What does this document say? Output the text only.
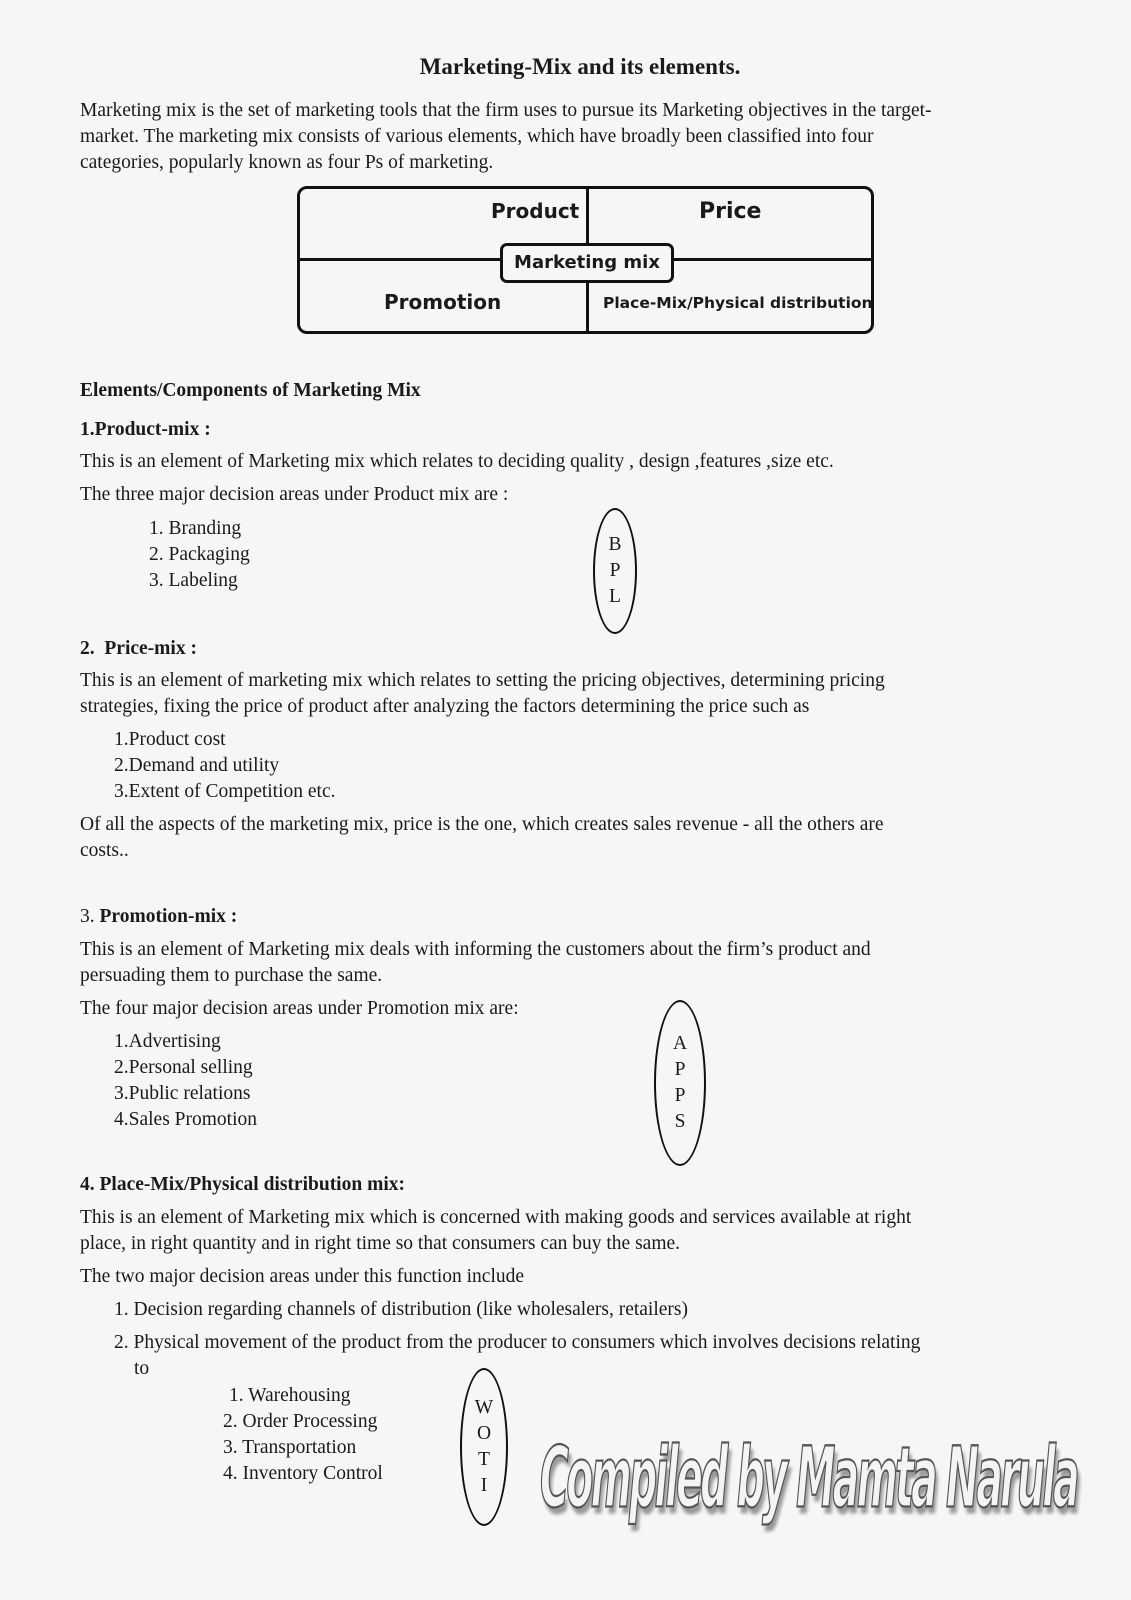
Marketing-Mix and its elements.

Marketing mix is the set of marketing tools that the firm uses to pursue its Marketing objectives in the target-

market. The marketing mix consists of various elements, which have broadly been classified into four

categories, popularly known as four Ps of marketing.

Product	Price
Marketing mix
Promotion	Place-Mix/Physical distribution

Elements/Components of Marketing Mix

1.Product-mix :

This is an element of Marketing mix which relates to deciding quality , design ,features ,size etc.

The three major decision areas under Product mix are :

1. Branding

2. Packaging

3. Labeling

B
P
L

2. Price-mix :

This is an element of marketing mix which relates to setting the pricing objectives, determining pricing

strategies, fixing the price of product after analyzing the factors determining the price such as

1.Product cost

2.Demand and utility

3.Extent of Competition etc.

Of all the aspects of the marketing mix, price is the one, which creates sales revenue - all the others are

costs..

3. Promotion-mix :

This is an element of Marketing mix deals with informing the customers about the firm’s product and

persuading them to purchase the same.

The four major decision areas under Promotion mix are:

1.Advertising

2.Personal selling

3.Public relations

4.Sales Promotion

A
P
P
S

4. Place-Mix/Physical distribution mix:

This is an element of Marketing mix which is concerned with making goods and services available at right

place, in right quantity and in right time so that consumers can buy the same.

The two major decision areas under this function include

1. Decision regarding channels of distribution (like wholesalers, retailers)

2. Physical movement of the product from the producer to consumers which involves decisions relating

to

1. Warehousing

2. Order Processing

3. Transportation

4. Inventory Control

W
O
T
I Compiled by Mamta Narula
